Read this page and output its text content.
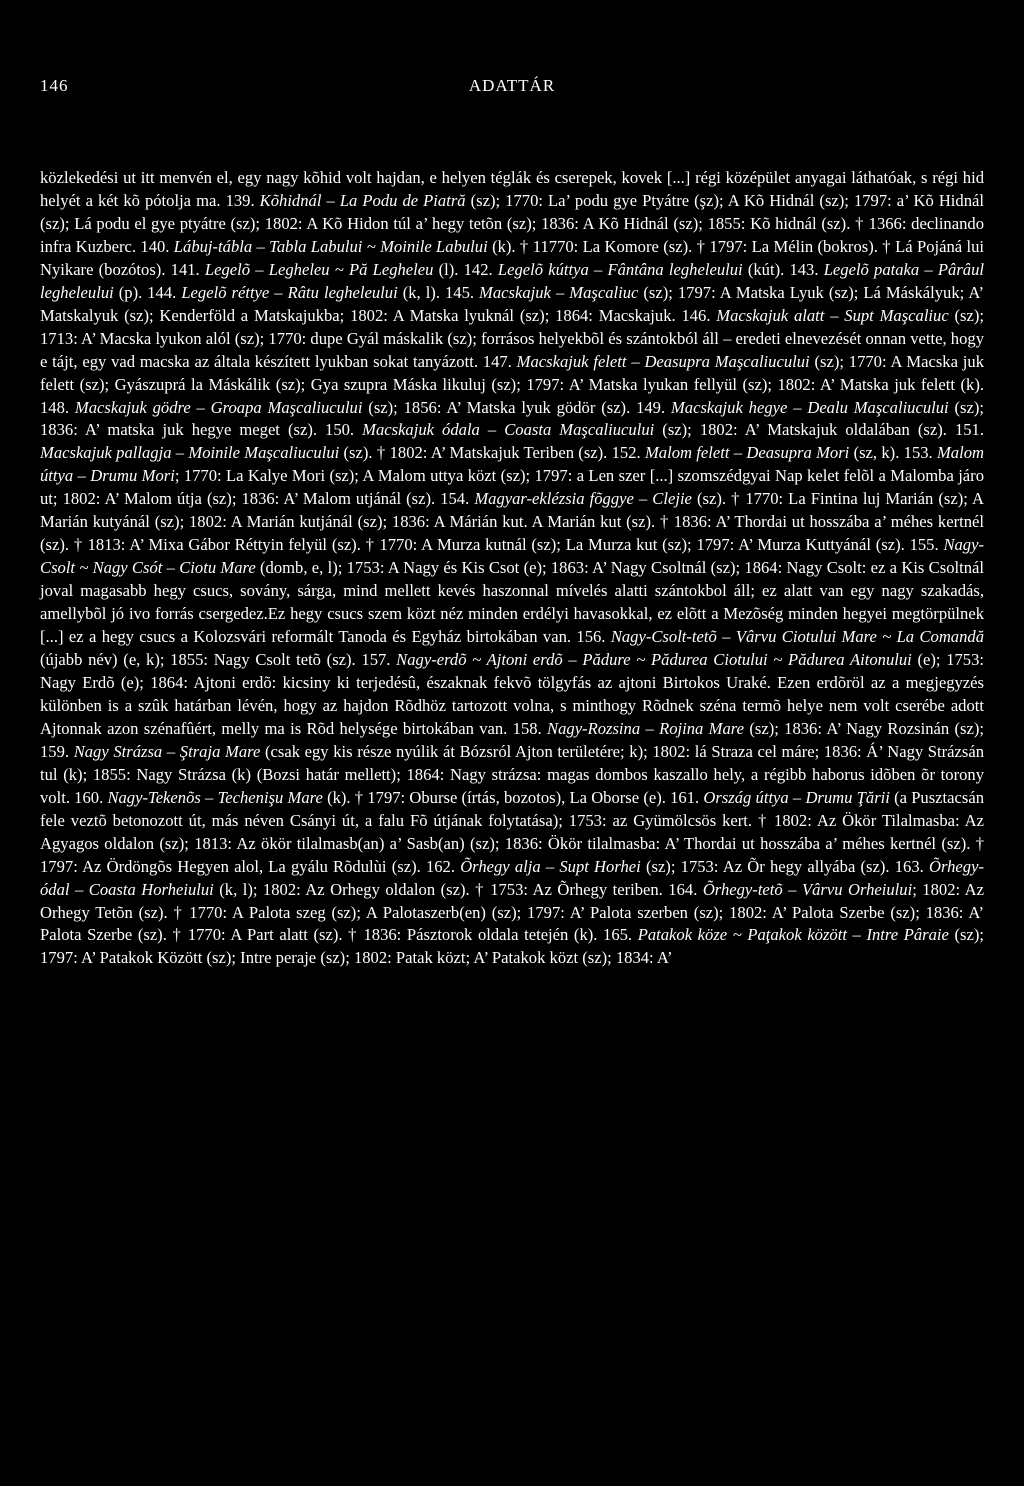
146	ADATTÁR
közlekedési ut itt menvén el, egy nagy kõhid volt hajdan, e helyen téglák és cserepek, kovek [...] régi középület anyagai láthatóak, s régi hid helyét a két kõ pótolja ma. 139. Kõhidnál – La Podu de Piatră (sz); 1770: La’ podu gye Ptyátre (şz); A Kõ Hidnál (sz); 1797: a’ Kõ Hidnál (sz); Lá podu el gye ptyátre (sz); 1802: A Kõ Hidon túl a’ hegy tetõn (sz); 1836: A Kõ Hidnál (sz); 1855: Kõ hidnál (sz). † 1366: declinando infra Kuzberc. 140. Lábuj-tábla – Tabla Labului ~ Moinile Labului (k). † 11770: La Komore (sz). † 1797: La Mélin (bokros). † Lá Pojáná lui Nyikare (bozótos). 141. Legelõ – Legheleu ~ Pă Legheleu (l). 142. Legelõ kúttya – Fântâna legheleului (kút). 143. Legelõ pataka – Pârâul legheleului (p). 144. Legelõ réttye – Râtu legheleului (k, l). 145. Macskajuk – Maşcaliuc (sz); 1797: A Matska Lyuk (sz); Lá Máskályuk; A’ Matskalyuk (sz); Kenderföld a Matskajukba; 1802: A Matska lyuknál (sz); 1864: Macskajuk. 146. Macskajuk alatt – Supt Maşcaliuc (sz); 1713: A’ Macska lyukon alól (sz); 1770: dupe Gyál máskalik (sz); forrásos helyekbõl és szántokból áll – eredeti elnevezését onnan vette, hogy e tájt, egy vad macska az általa készített lyukban sokat tanyázott. 147. Macskajuk felett – Deasupra Maşcaliucului (sz); 1770: A Macska juk felett (sz); Gyászuprá la Máskálik (sz); Gya szupra Máska likuluj (sz); 1797: A’ Matska lyukan fellyül (sz); 1802: A’ Matska juk felett (k). 148. Macskajuk gödre – Groapa Maşcaliucului (sz); 1856: A’ Matska lyuk gödör (sz). 149. Macskajuk hegye – Dealu Maşcaliucului (sz); 1836: A’ matska juk hegye meget (sz). 150. Macskajuk ódala – Coasta Maşcaliucului (sz); 1802: A’ Matskajuk oldalában (sz). 151. Macskajuk pallagja – Moinile Maşcaliucului (sz). † 1802: A’ Matskajuk Teriben (sz). 152. Malom felett – Deasupra Mori (sz, k). 153. Malom úttya – Drumu Mori; 1770: La Kalye Mori (sz); A Malom uttya közt (sz); 1797: a Len szer [...] szomszédgyai Nap kelet felõl a Malomba járo ut; 1802: A’ Malom útja (sz); 1836: A’ Malom utjánál (sz). 154. Magyar-eklézsia fõggye – Clejie (sz). † 1770: La Fintina luj Marián (sz); A Marián kutyánál (sz); 1802: A Marián kutjánál (sz); 1836: A Márián kut. A Marián kut (sz). † 1836: A’ Thordai ut hosszába a’ méhes kertnél (sz). † 1813: A’ Mixa Gábor Réttyin felyül (sz). † 1770: A Murza kutnál (sz); La Murza kut (sz); 1797: A’ Murza Kuttyánál (sz). 155. Nagy-Csolt ~ Nagy Csót – Ciotu Mare (domb, e, l); 1753: A Nagy és Kis Csot (e); 1863: A’ Nagy Csoltnál (sz); 1864: Nagy Csolt: ez a Kis Csoltnál joval magasabb hegy csucs, sovány, sárga, mind mellett kevés haszonnal mívelés alatti szántokbol áll; ez alatt van egy nagy szakadás, amellybõl jó ivo forrás csergedez.Ez hegy csucs szem közt néz minden erdélyi havasokkal, ez elõtt a Mezõség minden hegyei megtörpülnek [...] ez a hegy csucs a Kolozsvári reformált Tanoda és Egyház birtokában van. 156. Nagy-Csolt-tetõ – Vârvu Ciotului Mare ~ La Comandă (újabb név) (e, k); 1855: Nagy Csolt tetõ (sz). 157. Nagy-erdõ ~ Ajtoni erdõ – Pădure ~ Pădurea Ciotului ~ Pădurea Aitonului (e); 1753: Nagy Erdõ (e); 1864: Ajtoni erdõ: kicsiny ki terjedésû, északnak fekvõ tölgyfás az ajtoni Birtokos Uraké. Ezen erdõröl az a megjegyzés különben is a szûk határban lévén, hogy az hajdon Rõdhöz tartozott volna, s minthogy Rõdnek széna termõ helye nem volt cserébe adott Ajtonnak azon szénafûért, melly ma is Rõd helysége birtokában van. 158. Nagy-Rozsina – Rojina Mare (sz); 1836: A’ Nagy Rozsinán (sz); 159. Nagy Strázsa – Ştraja Mare (csak egy kis része nyúlik át Bózsról Ajton területére; k); 1802: lá Straza cel máre; 1836: Á’ Nagy Strázsán tul (k); 1855: Nagy Strázsa (k) (Bozsi határ mellett); 1864: Nagy strázsa: magas dombos kaszallo hely, a régibb haborus idõben õr torony volt. 160. Nagy-Tekenõs – Techenişu Mare (k). † 1797: Oburse (írtás, bozotos), La Oborse (e). 161. Ország úttya – Drumu Ţării (a Pusztacsán fele veztõ betonozott út, más néven Csányi út, a falu Fõ útjának folytatása); 1753: az Gyümölcsös kert. † 1802: Az Ökör Tilalmasba: Az Agyagos oldalon (sz); 1813: Az ökör tilalmasb(an) a’ Sasb(an) (sz); 1836: Ökör tilalmasba: A’ Thordai ut hosszába a’ méhes kertnél (sz). † 1797: Az Ördöngõs Hegyen alol, La gyálu Rõdulùi (sz). 162. Õrhegy alja – Supt Horhei (sz); 1753: Az Õr hegy allyába (sz). 163. Õrhegy-ódal – Coasta Horheiului (k, l); 1802: Az Orhegy oldalon (sz). † 1753: Az Õrhegy teriben. 164. Õrhegy-tetõ – Vârvu Orheiului; 1802: Az Orhegy Tetõn (sz). † 1770: A Palota szeg (sz); A Palotaszerb(en) (sz); 1797: A’ Palota szerben (sz); 1802: A’ Palota Szerbe (sz); 1836: A’ Palota Szerbe (sz). † 1770: A Part alatt (sz). † 1836: Pásztorok oldala tetején (k). 165. Patakok köze ~ Paţakok között – Intre Pâraie (sz); 1797: A’ Patakok Között (sz); Intre peraje (sz); 1802: Patak közt; A’ Patakok közt (sz); 1834: A’
